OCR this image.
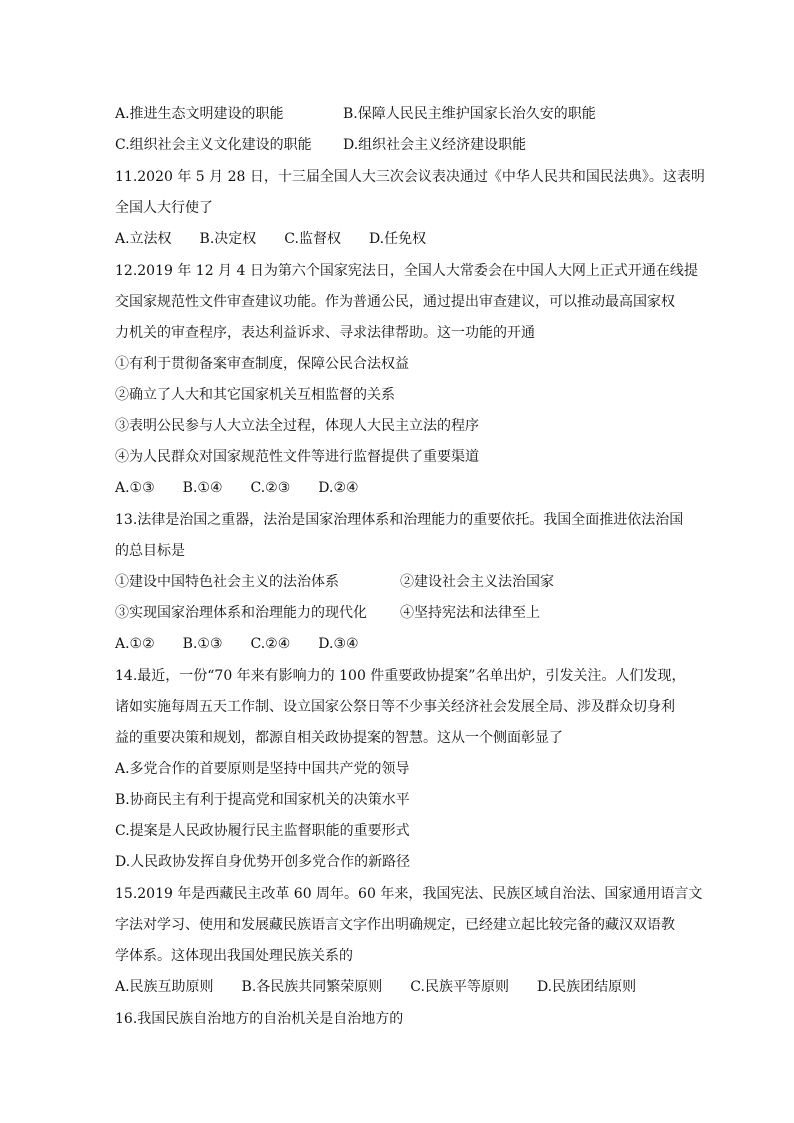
A.推进生态文明建设的职能	B.保障人民民主维护国家长治久安的职能
C.组织社会主义文化建设的职能 D.组织社会主义经济建设职能
11.2020 年 5 月 28 日，十三届全国人大三次会议表决通过《中华人民共和国民法典》。这表明
全国人大行使了
A.立法权　　B.决定权　　C.监督权　　D.任免权
12.2019 年 12 月 4 日为第六个国家宪法日，全国人大常委会在中国人大网上正式开通在线提
交国家规范性文件审查建议功能。作为普通公民，通过提出审查建议，可以推动最高国家权
力机关的审查程序，表达利益诉求、寻求法律帮助。这一功能的开通
①有利于贯彻备案审查制度，保障公民合法权益
②确立了人大和其它国家机关互相监督的关系
③表明公民参与人大立法全过程，体现人大民主立法的程序
④为人民群众对国家规范性文件等进行监督提供了重要渠道
A.①③　　B.①④　　C.②③　　D.②④
13.法律是治国之重器，法治是国家治理体系和治理能力的重要依托。我国全面推进依法治国
的总目标是
①建设中国特色社会主义的法治体系	②建设社会主义法治国家
③实现国家治理体系和治理能力的现代化 ④坚持宪法和法律至上
A.①②　　B.①③　　C.②④　　D.③④
14.最近，一份“70 年来有影响力的 100 件重要政协提案”名单出炉，引发关注。人们发现，
诸如实施每周五天工作制、设立国家公祭日等不少事关经济社会发展全局、涉及群众切身利
益的重要决策和规划，都源自相关政协提案的智慧。这从一个侧面彰显了
A.多党合作的首要原则是坚持中国共产党的领导
B.协商民主有利于提高党和国家机关的决策水平
C.提案是人民政协履行民主监督职能的重要形式
D.人民政协发挥自身优势开创多党合作的新路径
15.2019 年是西藏民主改革 60 周年。60 年来，我国宪法、民族区域自治法、国家通用语言文
字法对学习、使用和发展藏民族语言文字作出明确规定，已经建立起比较完备的藏汉双语教
学体系。这体现出我国处理民族关系的
A.民族互助原则　　B.各民族共同繁荣原则　　C.民族平等原则　　D.民族团结原则
16.我国民族自治地方的自治机关是自治地方的
